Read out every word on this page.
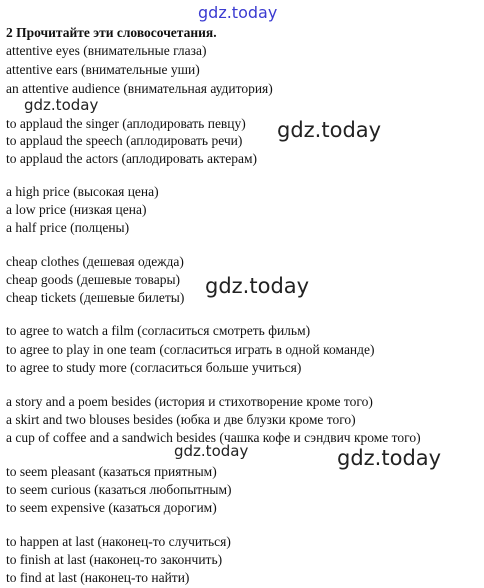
gdz.today
2 Прочитайте эти словосочетания.
attentive eyes (внимательные глаза)
attentive ears (внимательные уши)
an attentive audience (внимательная аудитория)
gdz.today
to applaud the singer (аплодировать певцу)
to applaud the speech (аплодировать речи)
to applaud the actors (аплодировать актерам)
gdz.today
a high price (высокая цена)
a low price (низкая цена)
a half price (полцены)
cheap clothes (дешевая одежда)
cheap goods (дешевые товары)
cheap tickets (дешевые билеты) gdz.today
to agree to watch a film (согласиться смотреть фильм)
to agree to play in one team (согласиться играть в одной команде)
to agree to study more (согласиться больше учиться)
a story and a poem besides (история и стихотворение кроме того)
a skirt and two blouses besides (юбка и две блузки кроме того)
a cup of coffee and a sandwich besides (чашка кофе и сэндвич кроме того)
gdz.today	gdz.today
to seem pleasant (казаться приятным)
to seem curious (казаться любопытным)
to seem expensive (казаться дорогим)
to happen at last (наконец-то случиться)
to finish at last (наконец-то закончить)
to find at last (наконец-то найти)
